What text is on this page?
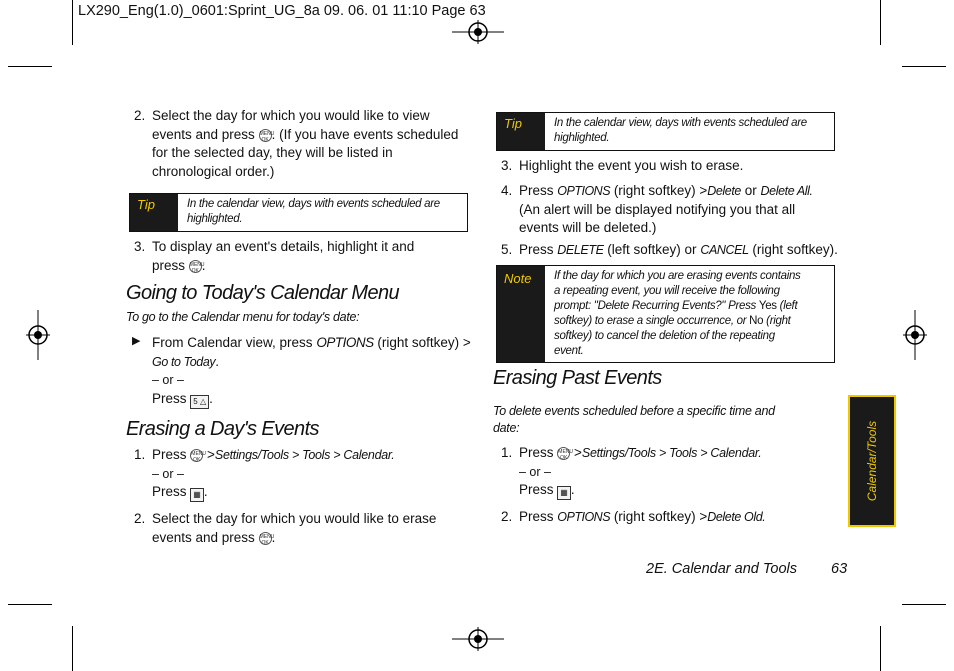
LX290_Eng(1.0)_0601:Sprint_UG_8a 09. 06. 01 11:10 Page 63
2. Select the day for which you would like to view
events and press MENU
OK . (If you have events scheduled
for the selected day, they will be listed in
chronological order.)
Tip	In the calendar view, days with events scheduled are
highlighted.
3. To display an event's details, highlight it and
press MENU
OK .
Going to Today's Calendar Menu
To go to the Calendar menu for today's date:
▶ From Calendar view, press OPTIONS (right softkey) >
Go to Today.
– or –
Press 5 △ .
Erasing a Day's Events
1. Press MENU
OK >Settings/Tools > Tools > Calendar.
– or –
Press ▦ .
2. Select the day for which you would like to erase
events and press MENU
OK .
Tip	In the calendar view, days with events scheduled are
highlighted.
3. Highlight the event you wish to erase.
4. Press OPTIONS (right softkey) >Delete or Delete All.
(An alert will be displayed notifying you that all
events will be deleted.)
5. Press DELETE (left softkey) or CANCEL (right softkey).
Note	If the day for which you are erasing events contains
a repeating event, you will receive the following
prompt: "Delete Recurring Events?" Press Yes (left
softkey) to erase a single occurrence, or No (right
softkey) to cancel the deletion of the repeating
event.
Erasing Past Events
To delete events scheduled before a specific time and
date:
1. Press MENU
OK >Settings/Tools > Tools > Calendar.
– or –
Press ▦ .
2. Press OPTIONS (right softkey) >Delete Old.
Calendar/Tools
2E. Calendar and Tools 63
